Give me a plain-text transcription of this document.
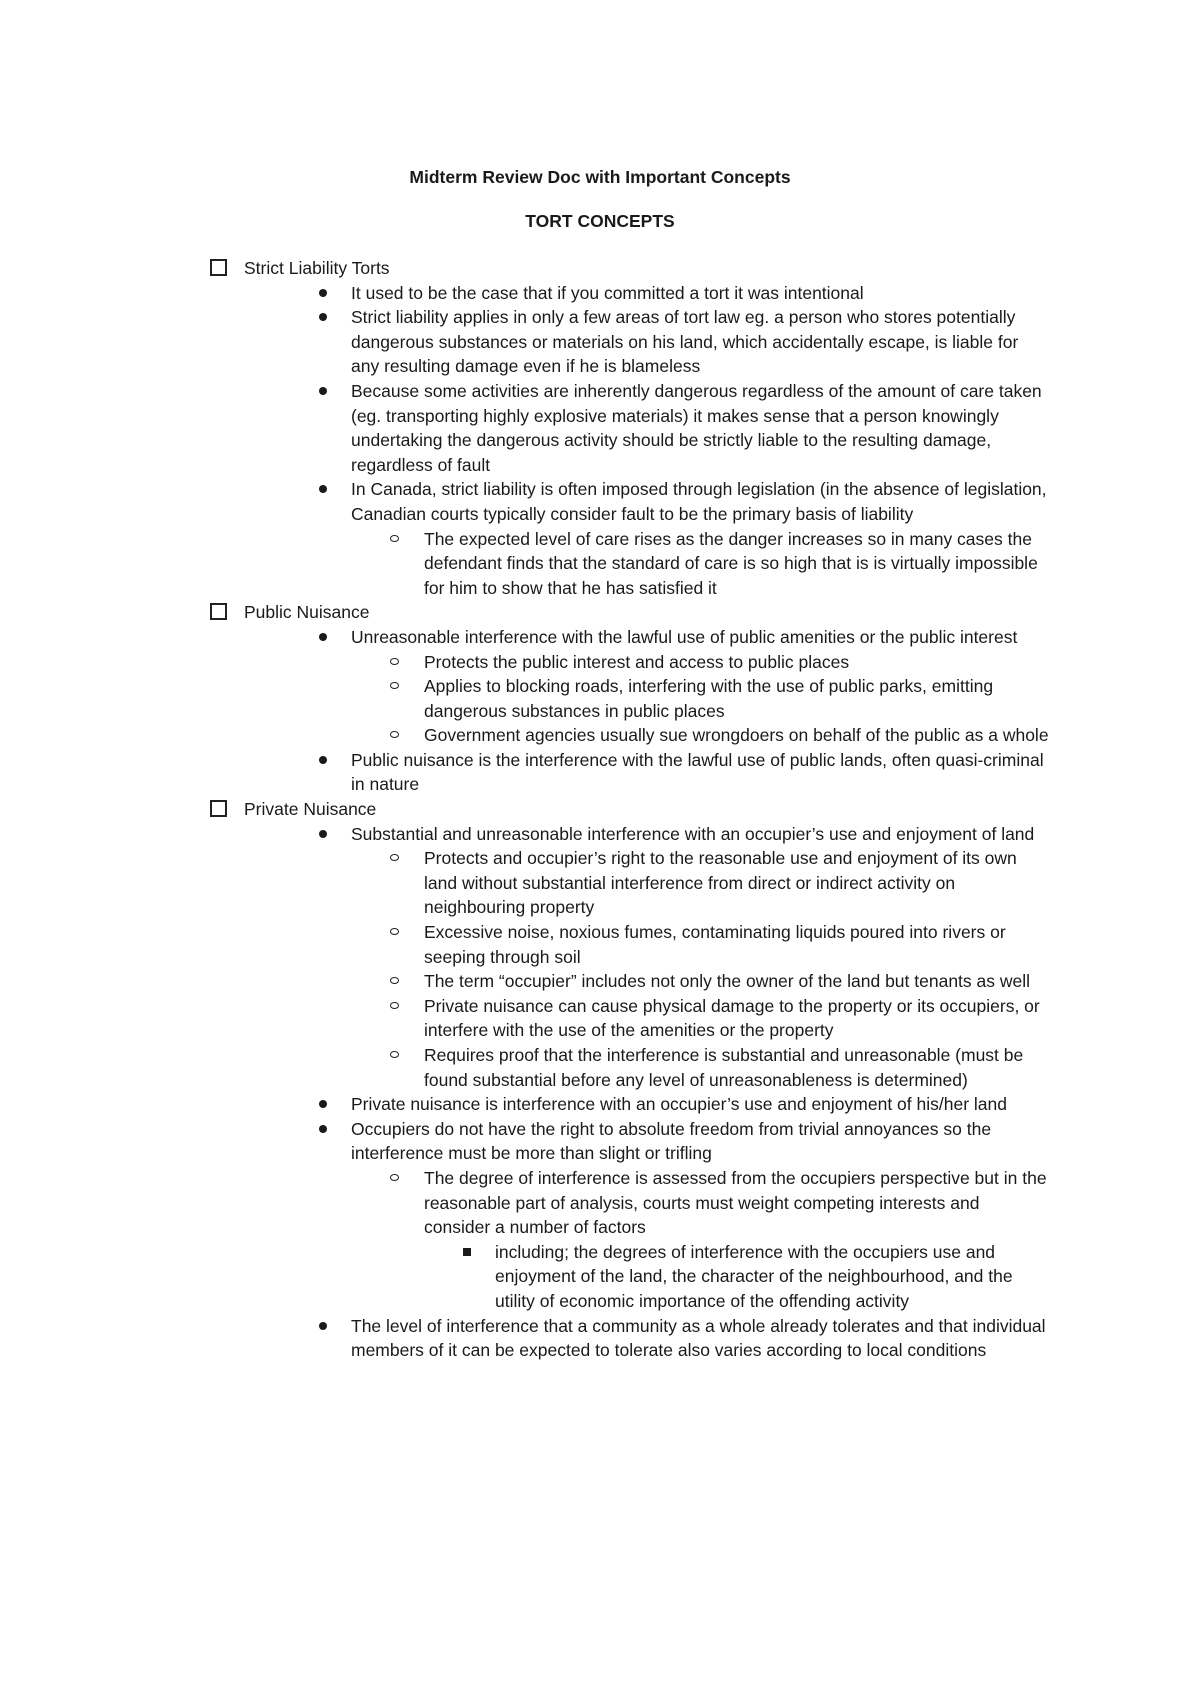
Midterm Review Doc with Important Concepts
TORT CONCEPTS
Strict Liability Torts
It used to be the case that if you committed a tort it was intentional
Strict liability applies in only a few areas of tort law eg. a person who stores potentially dangerous substances or materials on his land, which accidentally escape, is liable for any resulting damage even if he is blameless
Because some activities are inherently dangerous regardless of the amount of care taken (eg. transporting highly explosive materials) it makes sense that a person knowingly undertaking the dangerous activity should be strictly liable to the resulting damage, regardless of fault
In Canada, strict liability is often imposed through legislation (in the absence of legislation, Canadian courts typically consider fault to be the primary basis of liability
The expected level of care rises as the danger increases so in many cases the defendant finds that the standard of care is so high that is is virtually impossible for him to show that he has satisfied it
Public Nuisance
Unreasonable interference with the lawful use of public amenities or the public interest
Protects the public interest and access to public places
Applies to blocking roads, interfering with the use of public parks, emitting dangerous substances in public places
Government agencies usually sue wrongdoers on behalf of the public as a whole
Public nuisance is the interference with the lawful use of public lands, often quasi-criminal in nature
Private Nuisance
Substantial and unreasonable interference with an occupier’s use and enjoyment of land
Protects and occupier’s right to the reasonable use and enjoyment of its own land without substantial interference from direct or indirect activity on neighbouring property
Excessive noise, noxious fumes, contaminating liquids poured into rivers or seeping through soil
The term “occupier” includes not only the owner of the land but tenants as well
Private nuisance can cause physical damage to the property or its occupiers, or interfere with the use of the amenities or the property
Requires proof that the interference is substantial and unreasonable (must be found substantial before any level of unreasonableness is determined)
Private nuisance is interference with an occupier’s use and enjoyment of his/her land
Occupiers do not have the right to absolute freedom from trivial annoyances so the interference must be more than slight or trifling
The degree of interference is assessed from the occupiers perspective but in the reasonable part of analysis, courts must weight competing interests and consider a number of factors
including; the degrees of interference with the occupiers use and enjoyment of the land, the character of the neighbourhood, and the utility of economic importance of the offending activity
The level of interference that a community as a whole already tolerates and that individual members of it can be expected to tolerate also varies according to local conditions
